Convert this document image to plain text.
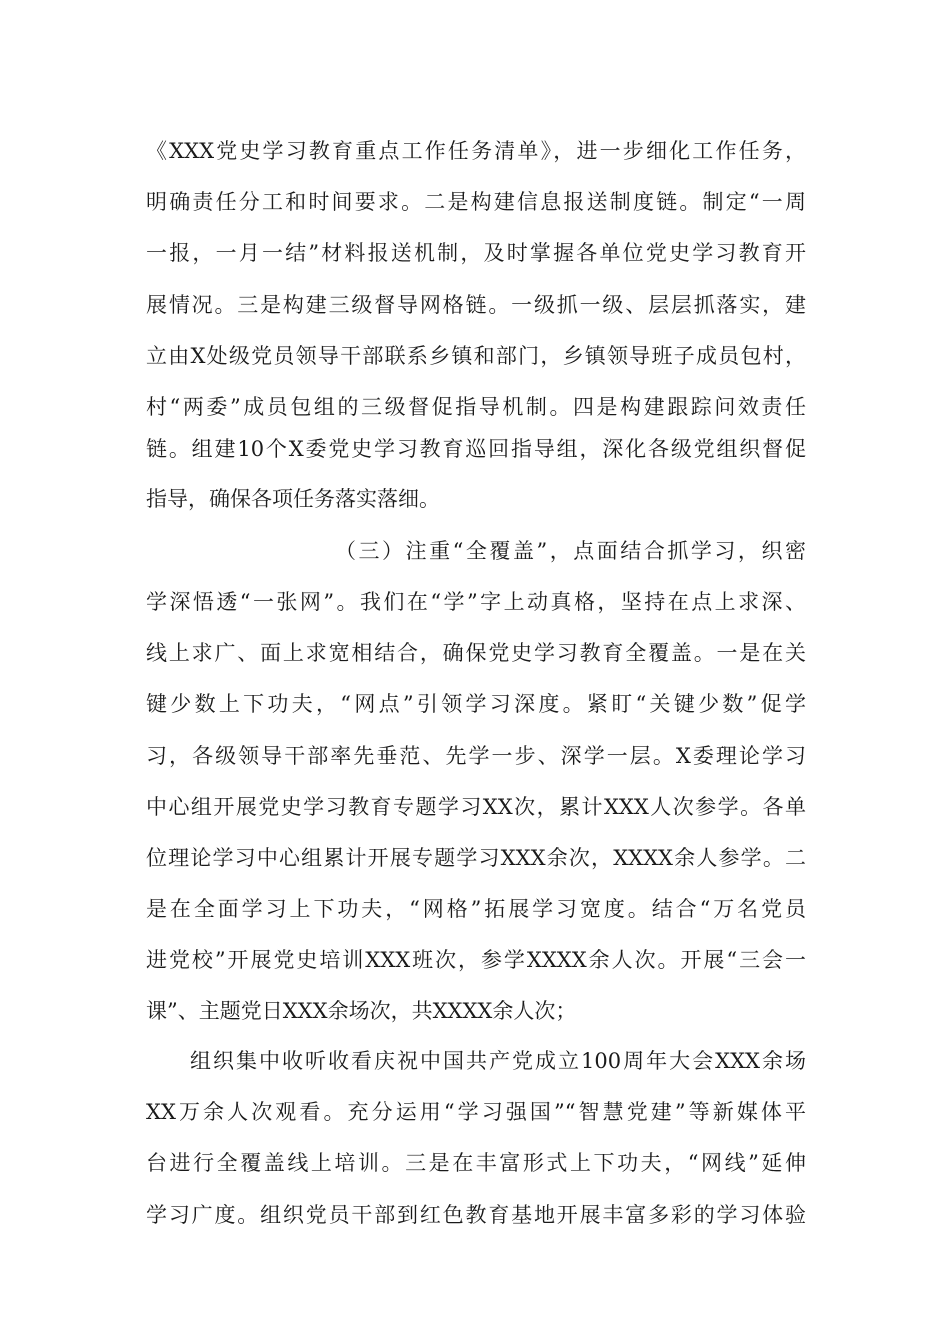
《XXX党史学习教育重点工作任务清单》，进一步细化工作任务，
明确责任分工和时间要求。二是构建信息报送制度链。制定“一周
一报，一月一结”材料报送机制，及时掌握各单位党史学习教育开
展情况。三是构建三级督导网格链。一级抓一级、层层抓落实，建
立由X处级党员领导干部联系乡镇和部门，乡镇领导班子成员包村，
村“两委”成员包组的三级督促指导机制。四是构建跟踪问效责任
链。组建10个X委党史学习教育巡回指导组，深化各级党组织督促
指导，确保各项任务落实落细。
（三）注重“全覆盖”，点面结合抓学习，织密
学深悟透“一张网”。我们在“学”字上动真格，坚持在点上求深、
线上求广、面上求宽相结合，确保党史学习教育全覆盖。一是在关
键少数上下功夫，“网点”引领学习深度。紧盯“关键少数”促学
习，各级领导干部率先垂范、先学一步、深学一层。X委理论学习
中心组开展党史学习教育专题学习XX次，累计XXX人次参学。各单
位理论学习中心组累计开展专题学习XXX余次，XXXX余人参学。二
是在全面学习上下功夫，“网格”拓展学习宽度。结合“万名党员
进党校”开展党史培训XXX班次，参学XXXX余人次。开展“三会一
课”、主题党日XXX余场次，共XXXX余人次；
组织集中收听收看庆祝中国共产党成立100周年大会XXX余场
XX万余人次观看。充分运用“学习强国”“智慧党建”等新媒体平
台进行全覆盖线上培训。三是在丰富形式上下功夫，“网线”延伸
学习广度。组织党员干部到红色教育基地开展丰富多彩的学习体验
